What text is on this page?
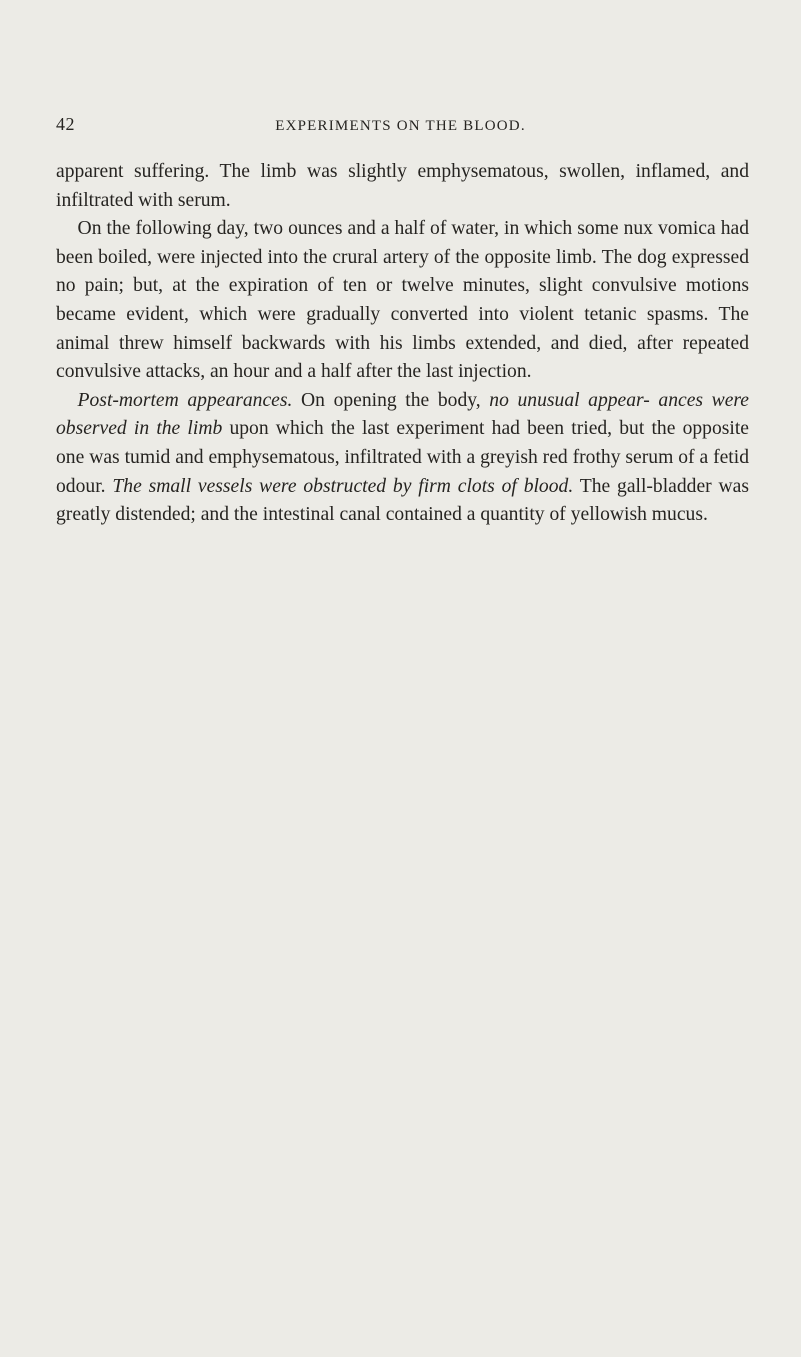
42	EXPERIMENTS ON THE BLOOD.

apparent suffering. The limb was slightly emphysematous, swollen, inflamed, and infiltrated with serum.

On the following day, two ounces and a half of water, in which some nux vomica had been boiled, were injected into the crural artery of the opposite limb. The dog expressed no pain; but, at the expiration of ten or twelve minutes, slight convulsive motions became evident, which were gradually converted into violent tetanic spasms. The animal threw himself backwards with his limbs extended, and died, after repeated convulsive attacks, an hour and a half after the last injection.

Post-mortem appearances. On opening the body, no unusual appear- ances were observed in the limb upon which the last experiment had been tried, but the opposite one was tumid and emphysematous, infiltrated with a greyish red frothy serum of a fetid odour. The small vessels were obstructed by firm clots of blood. The gall-bladder was greatly distended; and the intestinal canal contained a quantity of yellowish mucus.
